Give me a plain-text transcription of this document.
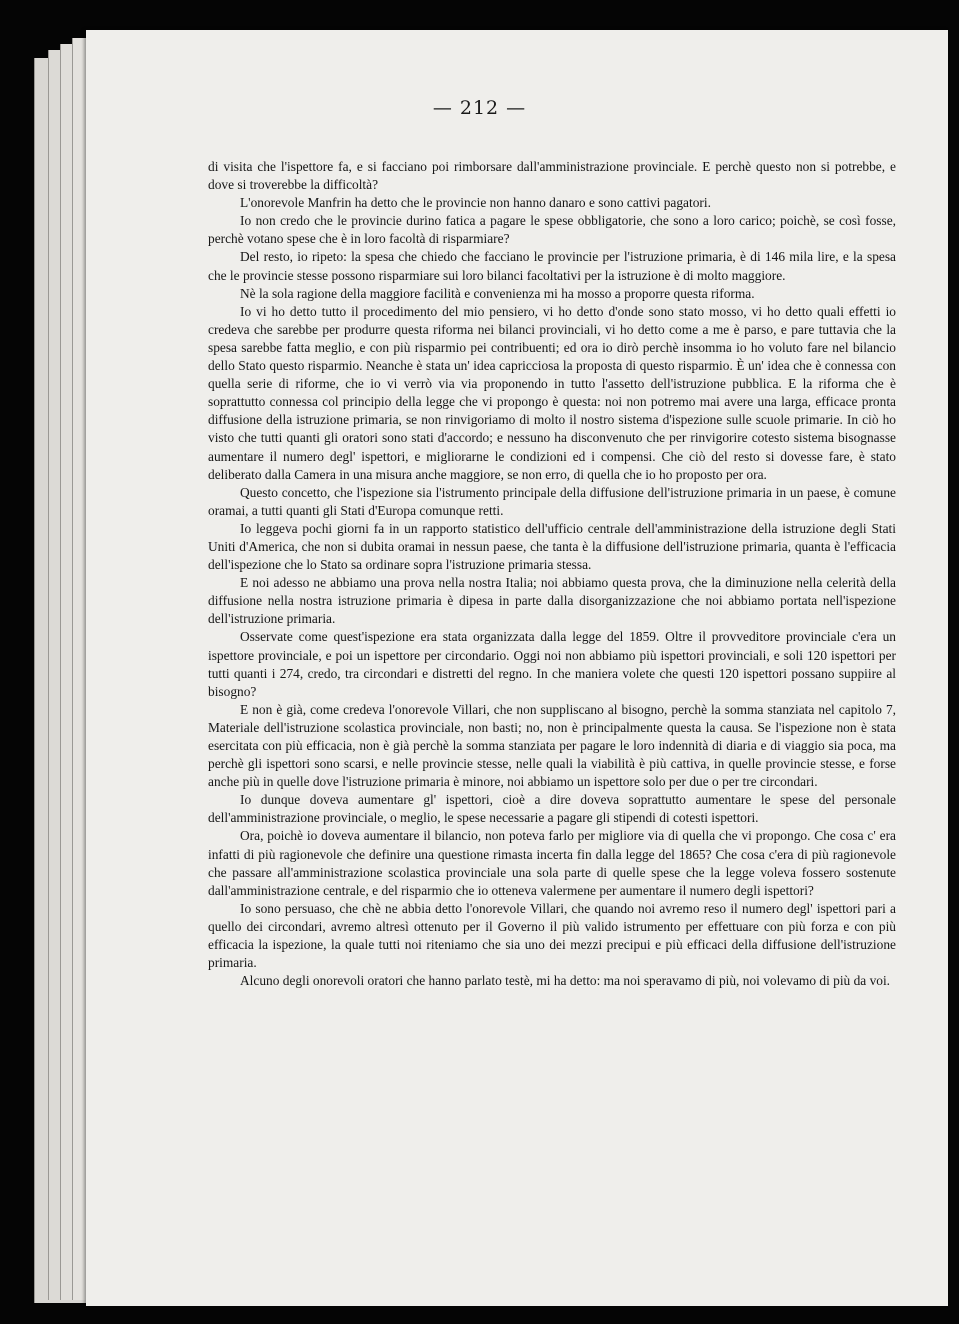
— 212 —

di visita che l'ispettore fa, e si facciano poi rimborsare dall'amministrazione provinciale. E perchè questo non si potrebbe, e dove si troverebbe la difficoltà?

L'onorevole Manfrin ha detto che le provincie non hanno danaro e sono cattivi pagatori.

Io non credo che le provincie durino fatica a pagare le spese obbligatorie, che sono a loro carico; poichè, se così fosse, perchè votano spese che è in loro facoltà di risparmiare?

Del resto, io ripeto: la spesa che chiedo che facciano le provincie per l'istruzione primaria, è di 146 mila lire, e la spesa che le provincie stesse possono risparmiare sui loro bilanci facoltativi per la istruzione è di molto maggiore.

Nè la sola ragione della maggiore facilità e convenienza mi ha mosso a proporre questa riforma.

Io vi ho detto tutto il procedimento del mio pensiero, vi ho detto d'onde sono stato mosso, vi ho detto quali effetti io credeva che sarebbe per produrre questa riforma nei bilanci provinciali, vi ho detto come a me è parso, e pare tuttavia che la spesa sarebbe fatta meglio, e con più risparmio pei contribuenti; ed ora io dirò perchè insomma io ho voluto fare nel bilancio dello Stato questo risparmio. Neanche è stata un' idea capricciosa la proposta di questo risparmio. È un' idea che è connessa con quella serie di riforme, che io vi verrò via via proponendo in tutto l'assetto dell'istruzione pubblica. E la riforma che è soprattutto connessa col principio della legge che vi propongo è questa: noi non potremo mai avere una larga, efficace pronta diffusione della istruzione primaria, se non rinvigoriamo di molto il nostro sistema d'ispezione sulle scuole primarie. In ciò ho visto che tutti quanti gli oratori sono stati d'accordo; e nessuno ha disconvenuto che per rinvigorire cotesto sistema bisognasse aumentare il numero degl' ispettori, e migliorarne le condizioni ed i compensi. Che ciò del resto si dovesse fare, è stato deliberato dalla Camera in una misura anche maggiore, se non erro, di quella che io ho proposto per ora.

Questo concetto, che l'ispezione sia l'istrumento principale della diffusione dell'istruzione primaria in un paese, è comune oramai, a tutti quanti gli Stati d'Europa comunque retti.

Io leggeva pochi giorni fa in un rapporto statistico dell'ufficio centrale dell'amministrazione della istruzione degli Stati Uniti d'America, che non si dubita oramai in nessun paese, che tanta è la diffusione dell'istruzione primaria, quanta è l'efficacia dell'ispezione che lo Stato sa ordinare sopra l'istruzione primaria stessa.

E noi adesso ne abbiamo una prova nella nostra Italia; noi abbiamo questa prova, che la diminuzione nella celerità della diffusione nella nostra istruzione primaria è dipesa in parte dalla disorganizzazione che noi abbiamo portata nell'ispezione dell'istruzione primaria.

Osservate come quest'ispezione era stata organizzata dalla legge del 1859. Oltre il provveditore provinciale c'era un ispettore provinciale, e poi un ispettore per circondario. Oggi noi non abbiamo più ispettori provinciali, e soli 120 ispettori per tutti quanti i 274, credo, tra circondari e distretti del regno. In che maniera volete che questi 120 ispettori possano suppiire al bisogno?

E non è già, come credeva l'onorevole Villari, che non suppliscano al bisogno, perchè la somma stanziata nel capitolo 7, Materiale dell'istruzione scolastica provinciale, non basti; no, non è principalmente questa la causa. Se l'ispezione non è stata esercitata con più efficacia, non è già perchè la somma stanziata per pagare le loro indennità di diaria e di viaggio sia poca, ma perchè gli ispettori sono scarsi, e nelle provincie stesse, nelle quali la viabilità è più cattiva, in quelle provincie stesse, e forse anche più in quelle dove l'istruzione primaria è minore, noi abbiamo un ispettore solo per due o per tre circondari.

Io dunque doveva aumentare gl' ispettori, cioè a dire doveva soprattutto aumentare le spese del personale dell'amministrazione provinciale, o meglio, le spese necessarie a pagare gli stipendi di cotesti ispettori.

Ora, poichè io doveva aumentare il bilancio, non poteva farlo per migliore via di quella che vi propongo. Che cosa c' era infatti di più ragionevole che definire una questione rimasta incerta fin dalla legge del 1865? Che cosa c'era di più ragionevole che passare all'amministrazione scolastica provinciale una sola parte di quelle spese che la legge voleva fossero sostenute dall'amministrazione centrale, e del risparmio che io otteneva valermene per aumentare il numero degli ispettori?

Io sono persuaso, che chè ne abbia detto l'onorevole Villari, che quando noi avremo reso il numero degl' ispettori pari a quello dei circondari, avremo altresì ottenuto per il Governo il più valido istrumento per effettuare con più forza e con più efficacia la ispezione, la quale tutti noi riteniamo che sia uno dei mezzi precipui e più efficaci della diffusione dell'istruzione primaria.

Alcuno degli onorevoli oratori che hanno parlato testè, mi ha detto: ma noi speravamo di più, noi volevamo di più da voi.
